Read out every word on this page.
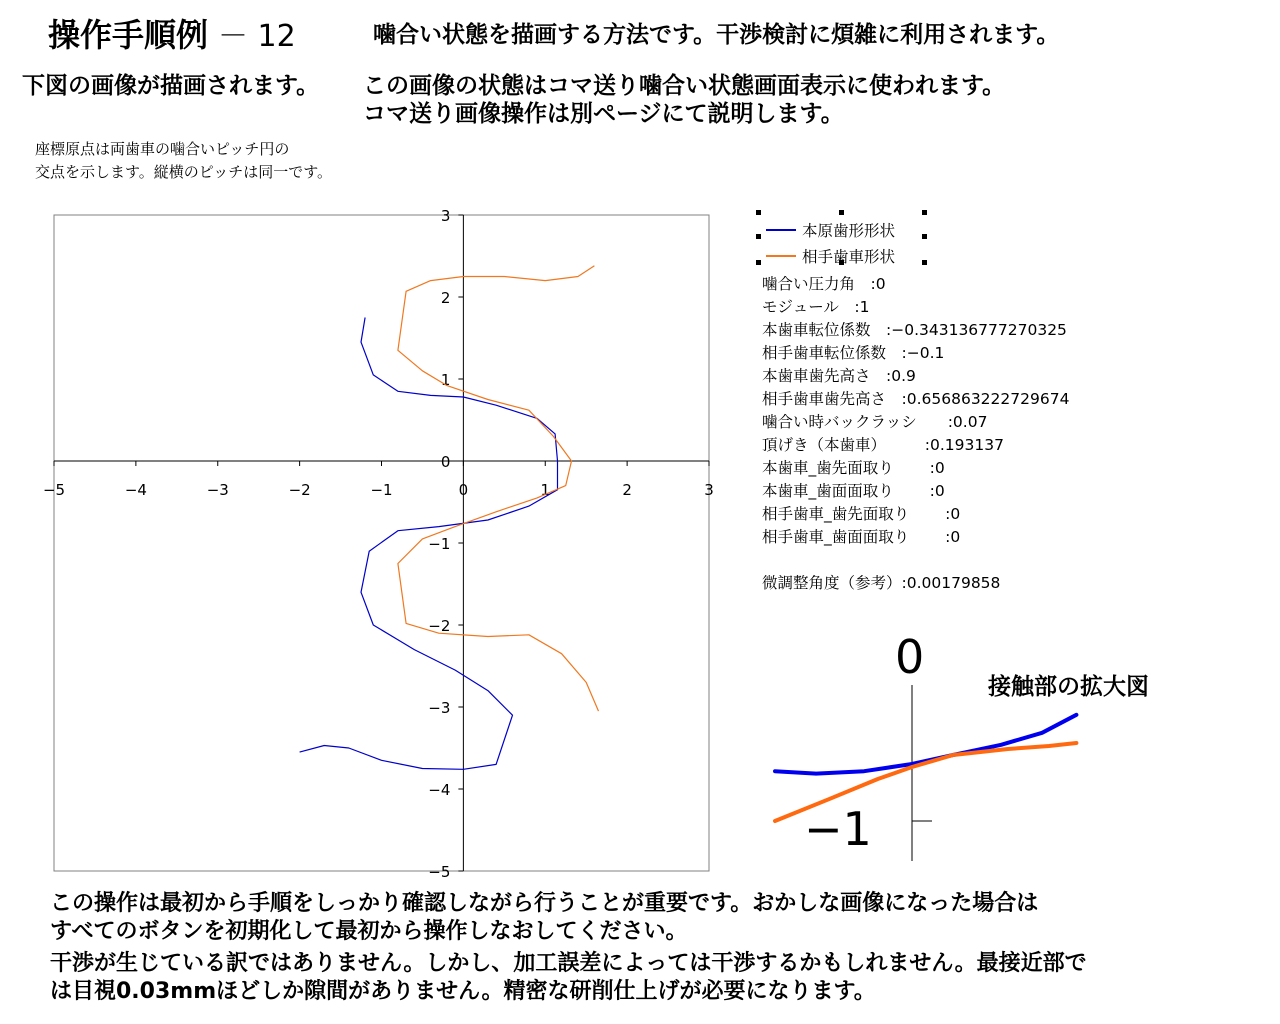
操作手順例 － 12	噛合い状態を描画する方法です。干渉検討に煩雑に利用されます。
下図の画像が描画されます。 この画像の状態はコマ送り噛合い状態画面表示に使われます。
コマ送り画像操作は別ページにて説明します。
座標原点は両歯車の噛合いピッチ円の
交点を示します。縦横のピッチは同一です。
−5	−4	−3	−2	−1	0	1	2	3
−5
−4
−3
−2
−1
0
1
2
3
本原歯形形状
相手歯車形状
噛合い圧力角　:0
モジュール　:1
本歯車転位係数　:−0.343136777270325
相手歯車転位係数　:−0.1
本歯車歯先高さ　:0.9
相手歯車歯先高さ　:0.656863222729674
噛合い時バックラッシ　　:0.07
頂げき（本歯車）　　　:0.193137
本歯車_歯先面取り　　 :0
本歯車_歯面面取り　　 :0
相手歯車_歯先面取り　　 :0
相手歯車_歯面面取り　　 :0

微調整角度（参考）:0.00179858
接触部の拡大図
0
−1
この操作は最初から手順をしっかり確認しながら行うことが重要です。おかしな画像になった場合は
すべてのボタンを初期化して最初から操作しなおしてください。
干渉が生じている訳ではありません。しかし、加工誤差によっては干渉するかもしれません。最接近部で
は目視0.03mmほどしか隙間がありません。精密な研削仕上げが必要になります。
